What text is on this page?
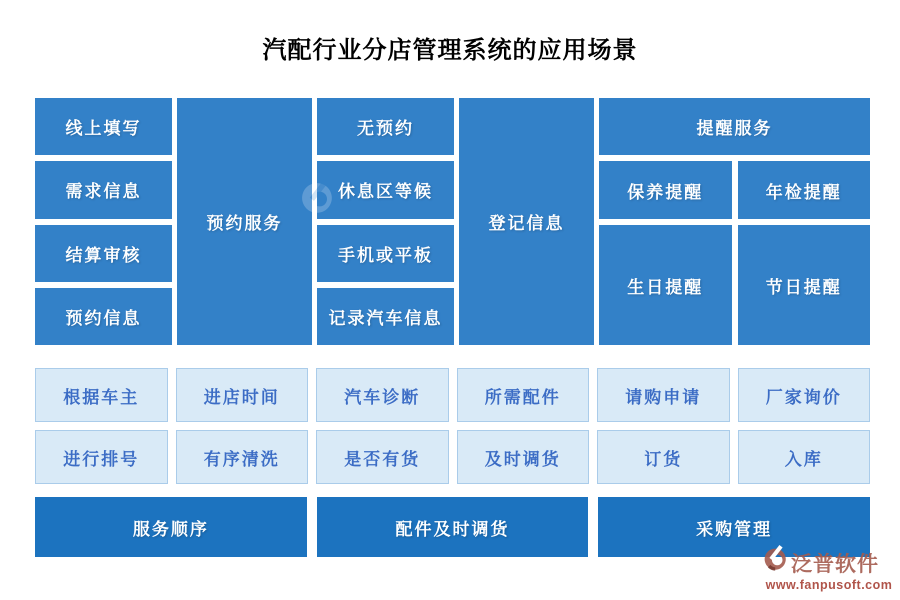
汽配行业分店管理系统的应用场景
线上填写
需求信息
结算审核
预约信息
预约服务
无预约
休息区等候
手机或平板
记录汽车信息
登记信息
提醒服务
保养提醒	年检提醒
生日提醒	节日提醒
根据车主	进店时间	汽车诊断	所需配件	请购申请	厂家询价
进行排号	有序清洗	是否有货	及时调货	订货	入库
服务顺序	配件及时调货	采购管理
泛普软件
www.fanpusoft.com
